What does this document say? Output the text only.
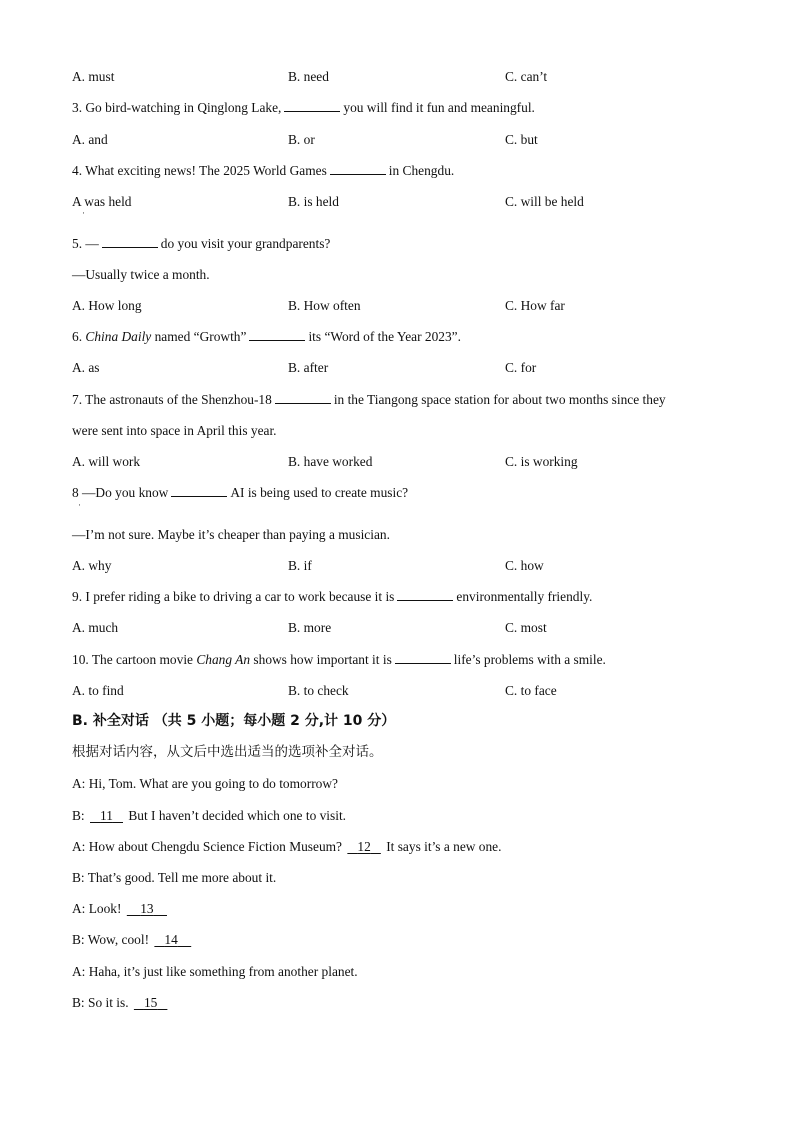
A. must	B. need	C. can’t
3. Go bird-watching in Qinglong Lake,	you will find it fun and meaningful.
A. and	B. or	C. but
4. What exciting news! The 2025 World Games	in Chengdu.
A was held
·
B. is held	C. will be held
5. —	do you visit your grandparents?
—Usually twice a month.
A. How long	B. How often	C. How far
6. China Daily named “Growth”	its “Word of the Year 2023”.
A. as	B. after	C. for
7. The astronauts of the Shenzhou-18	in the Tiangong space station for about two months since they
were sent into space in April this year.
A. will work	B. have worked	C. is working
8 —Do you know	AI is being used to create music?
·
—I’m not sure. Maybe it’s cheaper than paying a musician.
A. why	B. if	C. how
9. I prefer riding a bike to driving a car to work because it is	environmentally friendly.
A. much	B. more	C. most
10. The cartoon movie Chang An shows how important it is	life’s problems with a smile.
A. to find	B. to check	C. to face
B. 补全对话 （共 5 小题；每小题 2 分,计 10 分）
根据对话内容，从文后中选出适当的选项补全对话。
A: Hi, Tom. What are you going to do tomorrow?
B:    11    But I haven’t decided which one to visit.
A: How about Chengdu Science Fiction Museum?    12    It says it’s a new one.
B: That’s good. Tell me more about it.
A: Look!     13
B: Wow, cool!    14
A: Haha, it’s just like something from another planet.
B: So it is.    15
